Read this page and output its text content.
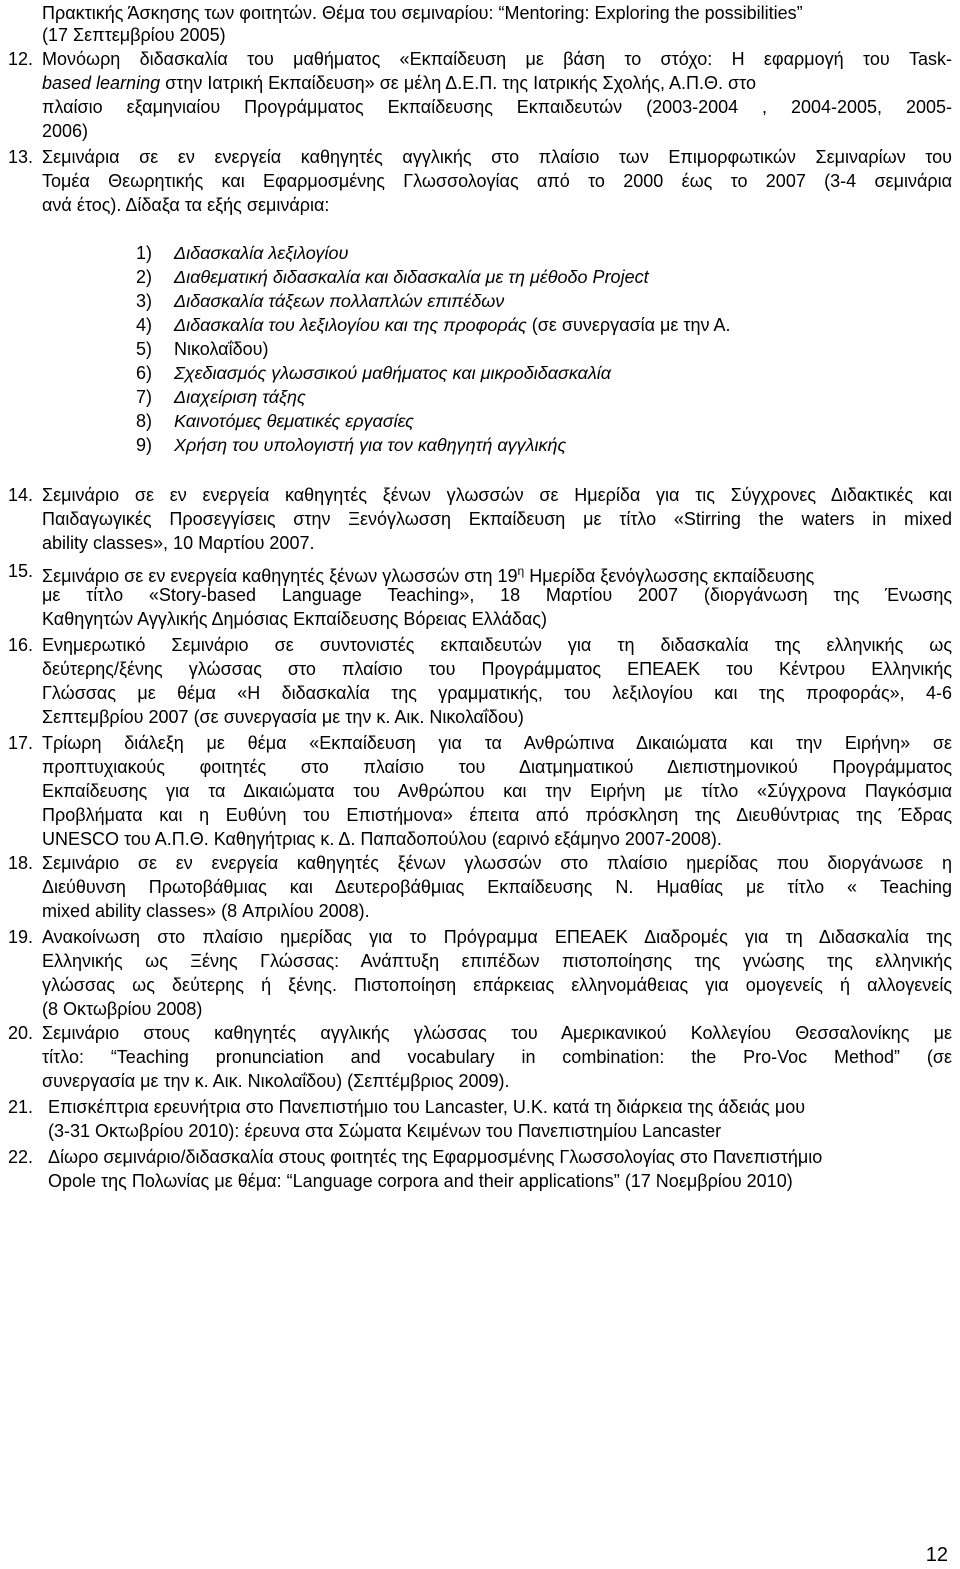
Πρακτικής Άσκησης των φοιτητών. Θέμα του σεμιναρίου: “Mentoring: Exploring the possibilities”
(17 Σεπτεμβρίου 2005)
12. Μονόωρη διδασκαλία του μαθήματος «Εκπαίδευση με βάση το στόχο: Η εφαρμογή του Task-
based learning στην Ιατρική Εκπαίδευση» σε μέλη Δ.Ε.Π. της Ιατρικής Σχολής, Α.Π.Θ. στο
πλαίσιο εξαμηνιαίου Προγράμματος Εκπαίδευσης Εκπαιδευτών (2003-2004 , 2004-2005, 2005-
2006)
13. Σεμινάρια σε εν ενεργεία καθηγητές αγγλικής στο πλαίσιο των Επιμορφωτικών Σεμιναρίων του
Τομέα Θεωρητικής και Εφαρμοσμένης Γλωσσολογίας από το 2000 έως το 2007 (3-4 σεμινάρια
ανά έτος). Δίδαξα τα εξής σεμινάρια:
1) Διδασκαλία λεξιλογίου
2) Διαθεματική διδασκαλία και διδασκαλία με τη μέθοδο Project
3) Διδασκαλία τάξεων πολλαπλών επιπέδων
4) Διδασκαλία του λεξιλογίου και της προφοράς (σε συνεργασία με την Α.
5) Νικολαΐδου)
6) Σχεδιασμός γλωσσικού μαθήματος και μικροδιδασκαλία
7) Διαχείριση τάξης
8) Καινοτόμες θεματικές εργασίες
9) Χρήση του υπολογιστή για τον καθηγητή αγγλικής
14. Σεμινάριο σε εν ενεργεία καθηγητές ξένων γλωσσών σε Ημερίδα για τις Σύγχρονες Διδακτικές και
Παιδαγωγικές Προσεγγίσεις στην Ξενόγλωσση Εκπαίδευση με τίτλο «Stirring the waters in mixed
ability classes», 10 Μαρτίου 2007.
15. Σεμινάριο σε εν ενεργεία καθηγητές ξένων γλωσσών στη $19^\eta$ Ημερίδα ξενόγλωσσης εκπαίδευσης
με τίτλο «Story-based Language Teaching», 18 Μαρτίου 2007 (διοργάνωση της Ένωσης
Καθηγητών Αγγλικής Δημόσιας Εκπαίδευσης Βόρειας Ελλάδας)
16. Ενημερωτικό Σεμινάριο σε συντονιστές εκπαιδευτών για τη διδασκαλία της ελληνικής ως
δεύτερης/ξένης γλώσσας στο πλαίσιο του Προγράμματος ΕΠΕΑΕΚ του Κέντρου Ελληνικής
Γλώσσας με θέμα «Η διδασκαλία της γραμματικής, του λεξιλογίου και της προφοράς», 4-6
Σεπτεμβρίου 2007 (σε συνεργασία με την κ. Αικ. Νικολαΐδου)
17. Τρίωρη διάλεξη με θέμα «Εκπαίδευση για τα Ανθρώπινα Δικαιώματα και την Ειρήνη» σε
προπτυχιακούς φοιτητές στο πλαίσιο του Διατμηματικού Διεπιστημονικού Προγράμματος
Εκπαίδευσης για τα Δικαιώματα του Ανθρώπου και την Ειρήνη με τίτλο «Σύγχρονα Παγκόσμια
Προβλήματα και η Ευθύνη του Επιστήμονα» έπειτα από πρόσκληση της Διευθύντριας της Έδρας
UNESCO του Α.Π.Θ. Καθηγήτριας κ. Δ. Παπαδοπούλου (εαρινό εξάμηνο 2007-2008).
18. Σεμινάριο σε εν ενεργεία καθηγητές ξένων γλωσσών στο πλαίσιο ημερίδας που διοργάνωσε η
Διεύθυνση Πρωτοβάθμιας και Δευτεροβάθμιας Εκπαίδευσης Ν. Ημαθίας με τίτλο « Teaching
mixed ability classes» (8 Απριλίου 2008).
19. Ανακοίνωση στο πλαίσιο ημερίδας για το Πρόγραμμα ΕΠΕΑΕΚ Διαδρομές για τη Διδασκαλία της
Ελληνικής ως Ξένης Γλώσσας: Ανάπτυξη επιπέδων πιστοποίησης της γνώσης της ελληνικής
γλώσσας ως δεύτερης ή ξένης. Πιστοποίηση επάρκειας ελληνομάθειας για ομογενείς ή αλλογενείς
(8 Οκτωβρίου 2008)
20. Σεμινάριο στους καθηγητές αγγλικής γλώσσας του Αμερικανικού Κολλεγίου Θεσσαλονίκης με
τίτλο: “Teaching pronunciation and vocabulary in combination: the Pro-Voc Method” (σε
συνεργασία με την κ. Αικ. Νικολαΐδου) (Σεπτέμβριος 2009).
21. Επισκέπτρια ερευνήτρια στο Πανεπιστήμιο του Lancaster, U.K. κατά τη διάρκεια της άδειάς μου
(3-31 Οκτωβρίου 2010): έρευνα στα Σώματα Κειμένων του Πανεπιστημίου Lancaster
22. Δίωρο σεμινάριο/διδασκαλία στους φοιτητές της Εφαρμοσμένης Γλωσσολογίας στο Πανεπιστήμιο
Opole της Πολωνίας με θέμα: “Language corpora and their applications” (17 Νοεμβρίου 2010)
12
